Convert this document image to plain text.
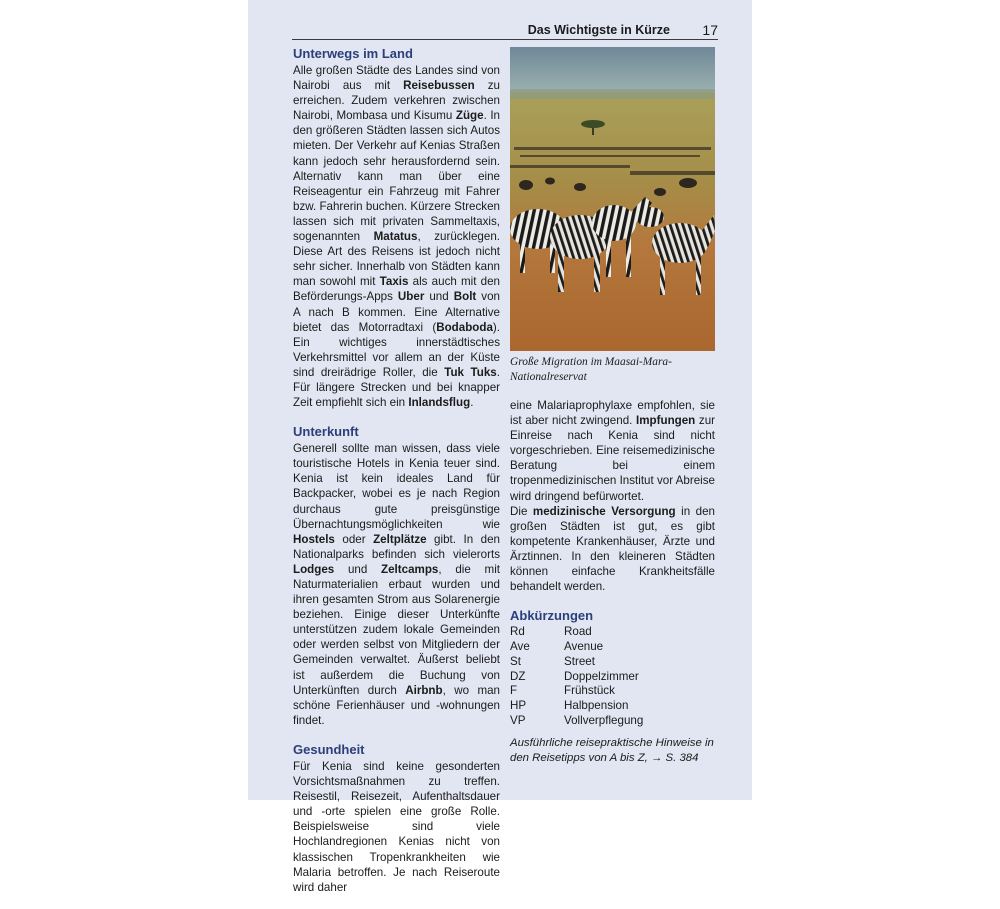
Das Wichtigste in Kürze 17
Unterwegs im Land

Alle großen Städte des Landes sind von Nairobi aus mit Reisebussen zu erreichen. Zudem verkehren zwischen Nairobi, Mombasa und Kisumu Züge. In den größeren Städten lassen sich Autos mieten. Der Verkehr auf Kenias Straßen kann jedoch sehr herausfordernd sein. Alternativ kann man über eine Reiseagentur ein Fahrzeug mit Fahrer bzw. Fahrerin buchen. Kürzere Strecken lassen sich mit privaten Sammeltaxis, sogenannten Matatus, zurücklegen. Diese Art des Reisens ist jedoch nicht sehr sicher. Innerhalb von Städten kann man sowohl mit Taxis als auch mit den Beförderungs-Apps Uber und Bolt von A nach B kommen. Eine Alternative bietet das Motorradtaxi (Bodaboda). Ein wichtiges innerstädtisches Verkehrsmittel vor allem an der Küste sind dreirädrige Roller, die Tuk Tuks. Für längere Strecken und bei knapper Zeit empfiehlt sich ein Inlandsflug.

Unterkunft

Generell sollte man wissen, dass viele touristische Hotels in Kenia teuer sind. Kenia ist kein ideales Land für Backpacker, wobei es je nach Region durchaus gute preisgünstige Übernachtungsmöglichkeiten wie Hostels oder Zeltplätze gibt. In den Nationalparks befinden sich vielerorts Lodges und Zeltcamps, die mit Naturmaterialien erbaut wurden und ihren gesamten Strom aus Solarenergie beziehen. Einige dieser Unterkünfte unterstützen zudem lokale Gemeinden oder werden selbst von Mitgliedern der Gemeinden verwaltet. Äußerst beliebt ist außerdem die Buchung von Unterkünften durch Airbnb, wo man schöne Ferienhäuser und -wohnungen findet.

Gesundheit

Für Kenia sind keine gesonderten Vorsichtsmaßnahmen zu treffen. Reisestil, Reisezeit, Aufenthaltsdauer und -orte spielen eine große Rolle. Beispielsweise sind viele Hochlandregionen Kenias nicht von klassischen Tropenkrankheiten wie Malaria betroffen. Je nach Reiseroute wird daher

Große Migration im Maasai-Mara-Nationalreservat

eine Malariaprophylaxe empfohlen, sie ist aber nicht zwingend. Impfungen zur Einreise nach Kenia sind nicht vorgeschrieben. Eine reisemedizinische Beratung bei einem tropenmedizinischen Institut vor Abreise wird dringend befürwortet.

Die medizinische Versorgung in den großen Städten ist gut, es gibt kompetente Krankenhäuser, Ärzte und Ärztinnen. In den kleineren Städten können einfache Krankheitsfälle behandelt werden.

Abkürzungen
Rd	Road
Ave	Avenue
St	Street
DZ	Doppelzimmer
F	Frühstück
HP	Halbpension
VP	Vollverpflegung
Ausführliche reisepraktische Hinweise in den Reisetipps von A bis Z, → S. 384
